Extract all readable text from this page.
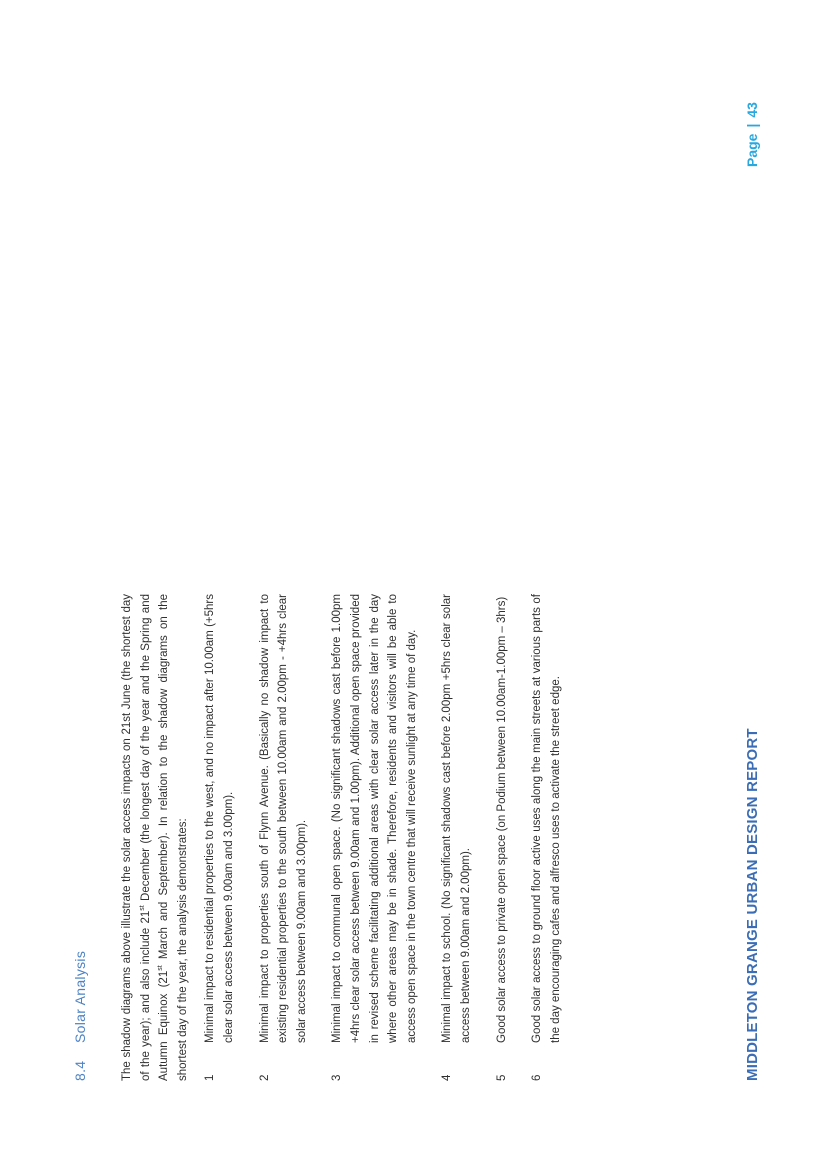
8.4Solar Analysis	The shadow diagrams above illustrate the solar access impacts on 21st June (the shortest day of the year); and also include 21st December (the longest day of the year and the Spring and Autumn Equinox (21st March and September). In relation to the shadow diagrams on the shortest day of the year, the analysis demonstrates:	1
Minimal impact to residential properties to the west, and no impact after 10.00am (+5hrs clear solar access between 9.00am and 3.00pm).
2
Minimal impact to properties south of Flynn Avenue. (Basically no shadow impact to existing residential properties to the south between 10.00am and 2.00pm - +4hrs clear solar access between 9.00am and 3.00pm).
3
Minimal impact to communal open space. (No significant shadows cast before 1.00pm +4hrs clear solar access between 9.00am and 1.00pm). Additional open space provided in revised scheme facilitating additional areas with clear solar access later in the day where other areas may be in shade. Therefore, residents and visitors will be able to access open space in the town centre that will receive sunlight at any time of day.
4
Minimal impact to school. (No significant shadows cast before 2.00pm +5hrs clear solar access between 9.00am and 2.00pm).
5
Good solar access to private open space (on Podium between 10.00am-1.00pm – 3hrs)
6
Good solar access to ground floor active uses along the main streets at various parts of the day encouraging cafes and alfresco uses to activate the street edge.	MIDDLETON GRANGE URBAN DESIGN REPORT
Page|43
